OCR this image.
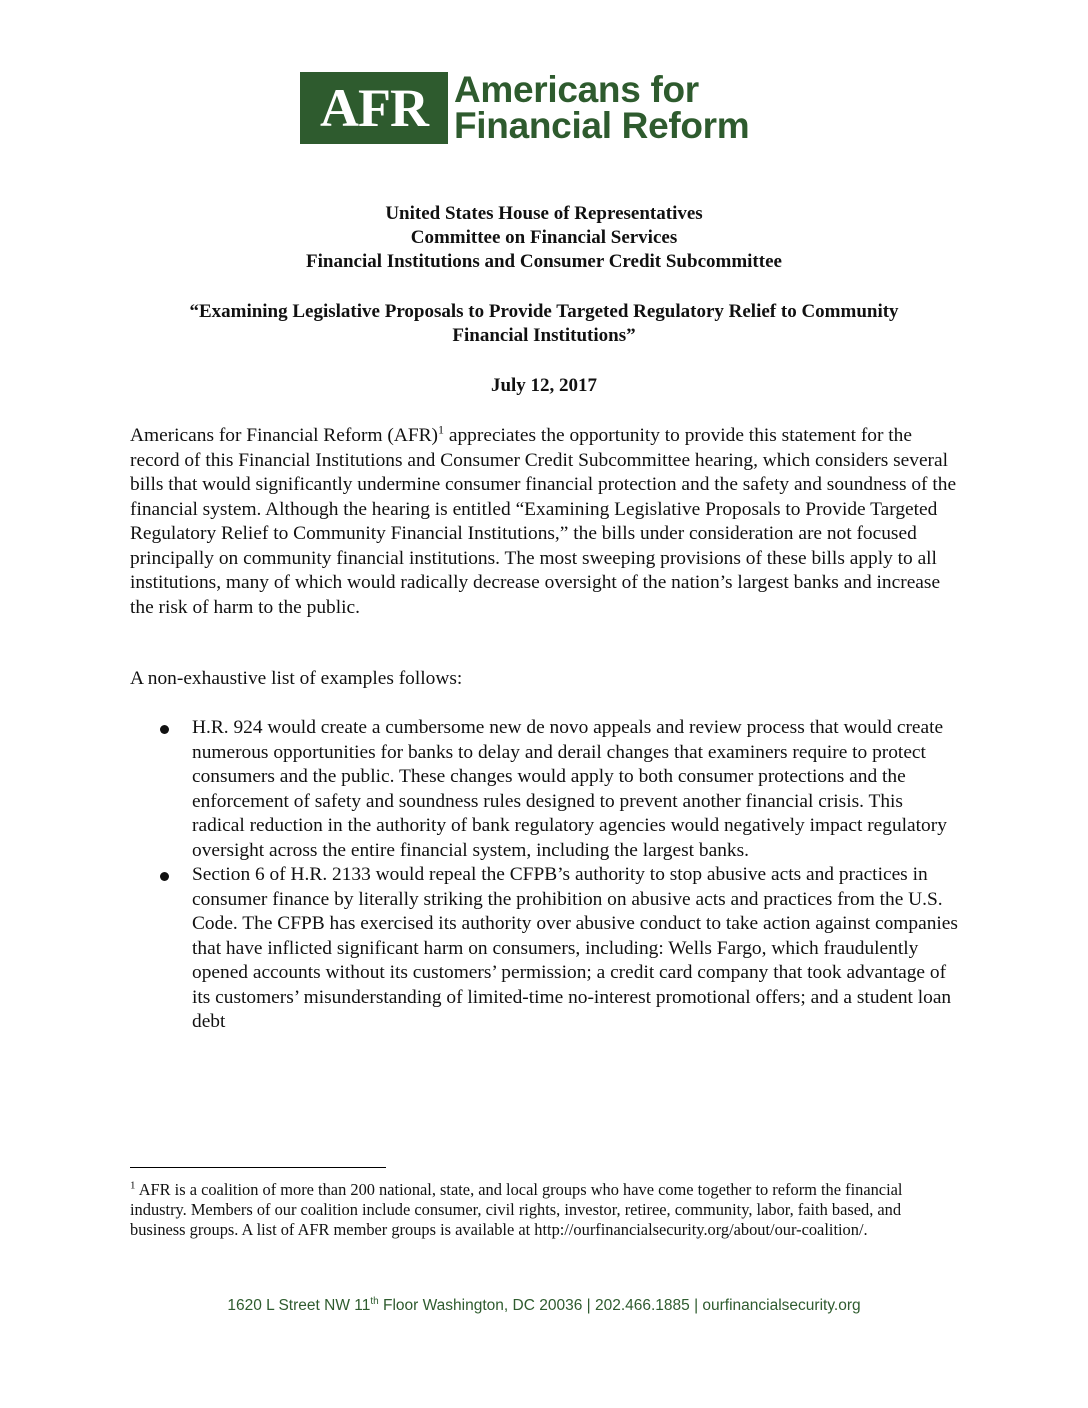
AFR Americans for
Financial Reform
United States House of Representatives
Committee on Financial Services
Financial Institutions and Consumer Credit Subcommittee
“Examining Legislative Proposals to Provide Targeted Regulatory Relief to Community
Financial Institutions”
July 12, 2017
Americans for Financial Reform (AFR)$^1$ appreciates the opportunity to provide this statement for the record of this Financial Institutions and Consumer Credit Subcommittee hearing, which considers several bills that would significantly undermine consumer financial protection and the safety and soundness of the financial system. Although the hearing is entitled “Examining Legislative Proposals to Provide Targeted Regulatory Relief to Community Financial Institutions,” the bills under consideration are not focused principally on community financial institutions. The most sweeping provisions of these bills apply to all institutions, many of which would radically decrease oversight of the nation’s largest banks and increase the risk of harm to the public.
A non-exhaustive list of examples follows:
H.R. 924 would create a cumbersome new de novo appeals and review process that would create numerous opportunities for banks to delay and derail changes that examiners require to protect consumers and the public. These changes would apply to both consumer protections and the enforcement of safety and soundness rules designed to prevent another financial crisis. This radical reduction in the authority of bank regulatory agencies would negatively impact regulatory oversight across the entire financial system, including the largest banks.
Section 6 of H.R. 2133 would repeal the CFPB’s authority to stop abusive acts and practices in consumer finance by literally striking the prohibition on abusive acts and practices from the U.S. Code. The CFPB has exercised its authority over abusive conduct to take action against companies that have inflicted significant harm on consumers, including: Wells Fargo, which fraudulently opened accounts without its customers’ permission; a credit card company that took advantage of its customers’ misunderstanding of limited-time no-interest promotional offers; and a student loan debt
$^1$ AFR is a coalition of more than 200 national, state, and local groups who have come together to reform the financial industry. Members of our coalition include consumer, civil rights, investor, retiree, community, labor, faith based, and business groups. A list of AFR member groups is available at http://ourfinancialsecurity.org/about/our-coalition/.
1620 L Street NW 11th Floor Washington, DC 20036 | 202.466.1885 | ourfinancialsecurity.org
